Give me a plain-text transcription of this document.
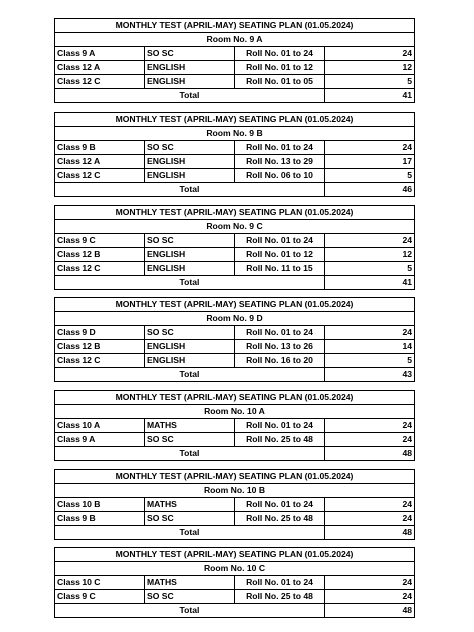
MONTHLY TEST (APRIL-MAY) SEATING PLAN (01.05.2024)			
Room No. 9 A			
Class 9 A	SO SC	Roll No. 01 to 24	24
Class 12 A	ENGLISH	Roll No. 01 to 12	12
Class 12 C	ENGLISH	Roll No. 01 to 05	5
Total			41
MONTHLY TEST (APRIL-MAY) SEATING PLAN (01.05.2024)			
Room No. 9 B			
Class 9 B	SO SC	Roll No. 01 to 24	24
Class 12 A	ENGLISH	Roll No. 13 to 29	17
Class 12 C	ENGLISH	Roll No. 06 to 10	5
Total			46
MONTHLY TEST (APRIL-MAY) SEATING PLAN (01.05.2024)			
Room No. 9 C			
Class 9 C	SO SC	Roll No. 01 to 24	24
Class 12 B	ENGLISH	Roll No. 01 to 12	12
Class 12 C	ENGLISH	Roll No. 11 to 15	5
Total			41
MONTHLY TEST (APRIL-MAY) SEATING PLAN (01.05.2024)			
Room No. 9 D			
Class 9 D	SO SC	Roll No. 01 to 24	24
Class 12 B	ENGLISH	Roll No. 13 to 26	14
Class 12 C	ENGLISH	Roll No. 16 to 20	5
Total			43
MONTHLY TEST (APRIL-MAY) SEATING PLAN (01.05.2024)			
Room No. 10 A			
Class 10 A	MATHS	Roll No. 01 to 24	24
Class 9 A	SO SC	Roll No. 25 to 48	24
Total			48
MONTHLY TEST (APRIL-MAY) SEATING PLAN (01.05.2024)			
Room No. 10 B			
Class 10 B	MATHS	Roll No. 01 to 24	24
Class 9 B	SO SC	Roll No. 25 to 48	24
Total			48
MONTHLY TEST (APRIL-MAY) SEATING PLAN (01.05.2024)			
Room No. 10 C			
Class 10 C	MATHS	Roll No. 01 to 24	24
Class 9 C	SO SC	Roll No. 25 to 48	24
Total			48
